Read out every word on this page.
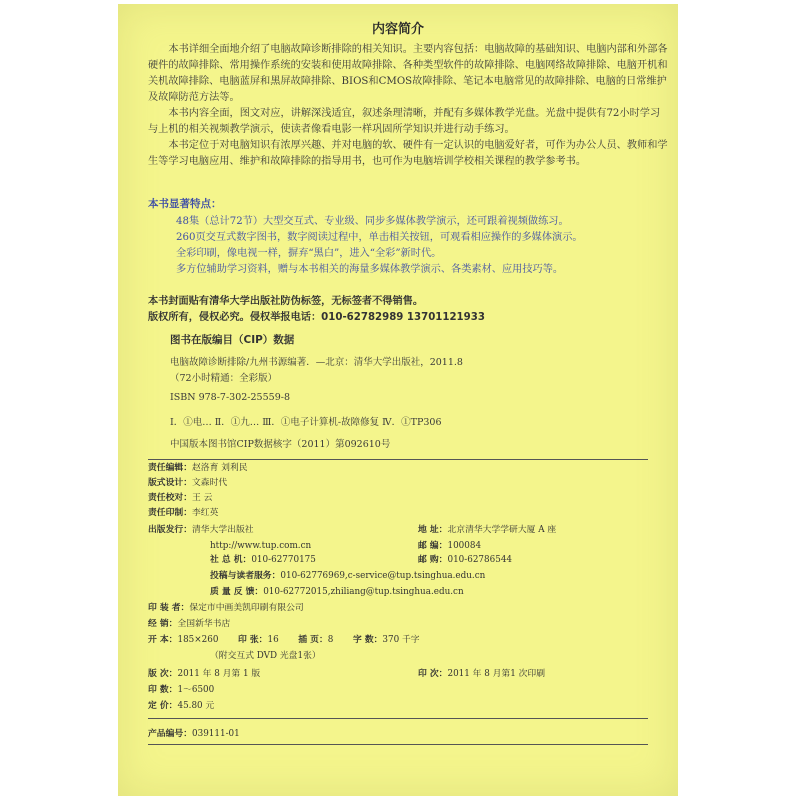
内容简介

本书详细全面地介绍了电脑故障诊断排除的相关知识。主要内容包括：电脑故障的基础知识、电脑内部和外部各硬件的故障排除、常用操作系统的安装和使用故障排除、各种类型软件的故障排除、电脑网络故障排除、电脑开机和关机故障排除、电脑蓝屏和黑屏故障排除、BIOS和CMOS故障排除、笔记本电脑常见的故障排除、电脑的日常维护及故障防范方法等。

本书内容全面，图文对应，讲解深浅适宜，叙述条理清晰，并配有多媒体教学光盘。光盘中提供有72小时学习与上机的相关视频教学演示，使读者像看电影一样巩固所学知识并进行动手练习。

本书定位于对电脑知识有浓厚兴趣、并对电脑的软、硬件有一定认识的电脑爱好者，可作为办公人员、教师和学生等学习电脑应用、维护和故障排除的指导用书，也可作为电脑培训学校相关课程的教学参考书。

本书显著特点：
48集（总计72节）大型交互式、专业级、同步多媒体教学演示，还可跟着视频做练习。
260页交互式数字图书，数字阅读过程中，单击相关按钮，可观看相应操作的多媒体演示。
全彩印刷，像电视一样，摒弃“黑白”，进入“全彩”新时代。
多方位辅助学习资料，赠与本书相关的海量多媒体教学演示、各类素材、应用技巧等。
本书封面贴有清华大学出版社防伪标签，无标签者不得销售。
版权所有，侵权必究。侵权举报电话：010-62782989 13701121933
图书在版编目（CIP）数据
电脑故障诊断排除/九州书源编著．—北京：清华大学出版社，2011.8
（72小时精通：全彩版）
ISBN 978-7-302-25559-8
Ⅰ．①电… Ⅱ．①九… Ⅲ．①电子计算机-故障修复 Ⅳ．①TP306
中国版本图书馆CIP数据核字（2011）第092610号
责任编辑：赵洛育 刘利民
版式设计：文森时代
责任校对：王 云
责任印制：李红英
出版发行：清华大学出版社
http://www.tup.com.cn
地 址：北京清华大学学研大厦 A 座
邮 编：100084
社 总 机：010-62770175	邮 购：010-62786544
投稿与读者服务：010-62776969,c-service@tup.tsinghua.edu.cn
质 量 反 馈：010-62772015,zhiliang@tup.tsinghua.edu.cn
印 装 者：保定市中画美凯印刷有限公司
经 销：全国新华书店
开 本：185×260 印 张：16 插 页：8 字 数：370 千字
（附交互式 DVD 光盘1张）
版 次：2011 年 8 月第 1 版	印 次：2011 年 8 月第1 次印刷
印 数：1～6500
定 价：45.80 元
产品编号：039111-01
